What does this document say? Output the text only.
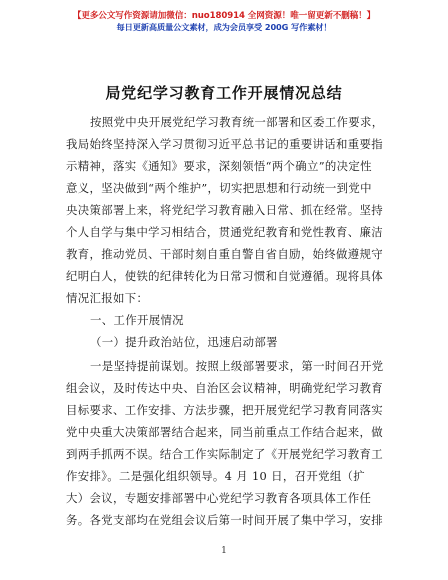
【更多公文写作资源请加微信：nuo180914 全网资源！唯一留更新不删稿！】
每日更新高质量公文素材，成为会员享受 200G 写作素材！
局党纪学习教育工作开展情况总结
按照党中央开展党纪学习教育统一部署和区委工作要求，
我局始终坚持深入学习贯彻习近平总书记的重要讲话和重要指
示精神，落实《通知》要求，深刻领悟“两个确立”的决定性
意义，坚决做到“两个维护”，切实把思想和行动统一到党中
央决策部署上来，将党纪学习教育融入日常、抓在经常。坚持
个人自学与集中学习相结合，贯通党纪教育和党性教育、廉洁
教育，推动党员、干部时刻自重自警自省自励，始终做遵规守
纪明白人，使铁的纪律转化为日常习惯和自觉遵循。现将具体
情况汇报如下：
一、工作开展情况
（一）提升政治站位，迅速启动部署
一是坚持提前谋划。按照上级部署要求，第一时间召开党
组会议，及时传达中央、自治区会议精神，明确党纪学习教育
目标要求、工作安排、方法步骤，把开展党纪学习教育同落实
党中央重大决策部署结合起来，同当前重点工作结合起来，做
到两手抓两不误。结合工作实际制定了《开展党纪学习教育工
作安排》。二是强化组织领导。4 月 10 日，召开党组（扩
大）会议，专题安排部署中心党纪学习教育各项具体工作任
务。各党支部均在党组会议后第一时间开展了集中学习，安排
1
